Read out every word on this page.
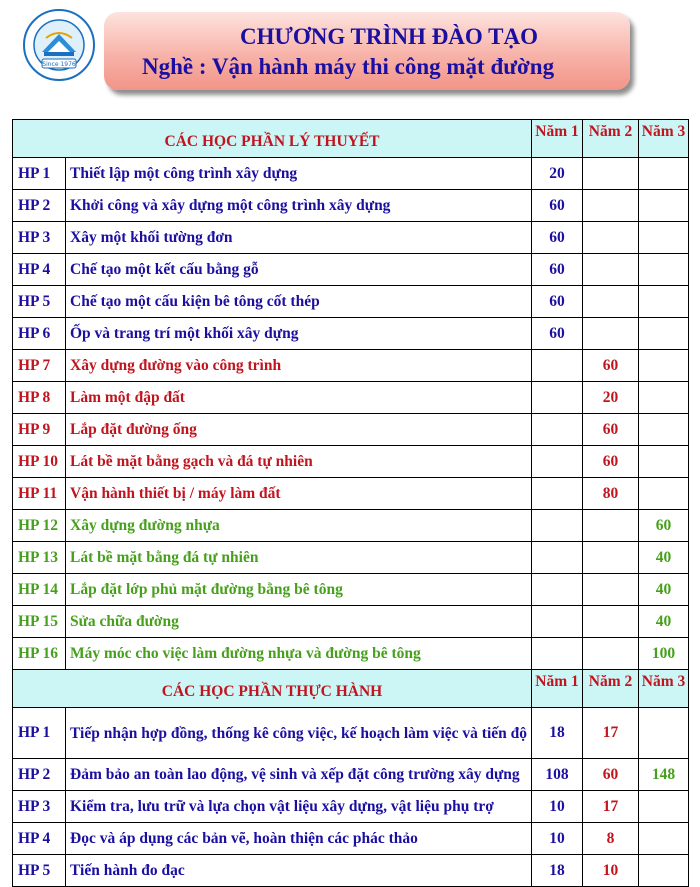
Since 1976
CHƯƠNG TRÌNH ĐÀO TẠO
Nghề : Vận hành máy thi công mặt đường
CÁC HỌC PHẦN LÝ THUYẾT		Năm 1	Năm 2	Năm 3
HP 1	Thiết lập một công trình xây dựng	20		
HP 2	Khởi công và xây dựng một công trình xây dựng	60		
HP 3	Xây một khối tường đơn	60		
HP 4	Chế tạo một kết cấu bằng gỗ	60		
HP 5	Chế tạo một cấu kiện bê tông cốt thép	60		
HP 6	Ốp và trang trí một khối xây dựng	60		
HP 7	Xây dựng đường vào công trình		60	
HP 8	Làm một đập đất		20	
HP 9	Lắp đặt đường ống		60	
HP 10	Lát bề mặt bằng gạch và đá tự nhiên		60	
HP 11	Vận hành thiết bị / máy làm đất		80	
HP 12	Xây dựng đường nhựa			60
HP 13	Lát bề mặt bằng đá tự nhiên			40
HP 14	Lắp đặt lớp phủ mặt đường bằng bê tông			40
HP 15	Sửa chữa đường			40
HP 16	Máy móc cho việc làm đường nhựa và đường bê tông			100
CÁC HỌC PHẦN THỰC HÀNH		Năm 1	Năm 2	Năm 3
HP 1	Tiếp nhận hợp đồng, thống kê công việc, kế hoạch làm việc và tiến độ	18	17	
HP 2	Đảm bảo an toàn lao động, vệ sinh và xếp đặt công trường xây dựng	108	60	148
HP 3	Kiểm tra, lưu trữ và lựa chọn vật liệu xây dựng, vật liệu phụ trợ	10	17	
HP 4	Đọc và áp dụng các bản vẽ, hoàn thiện các phác thảo	10	8	
HP 5	Tiến hành đo đạc	18	10	
